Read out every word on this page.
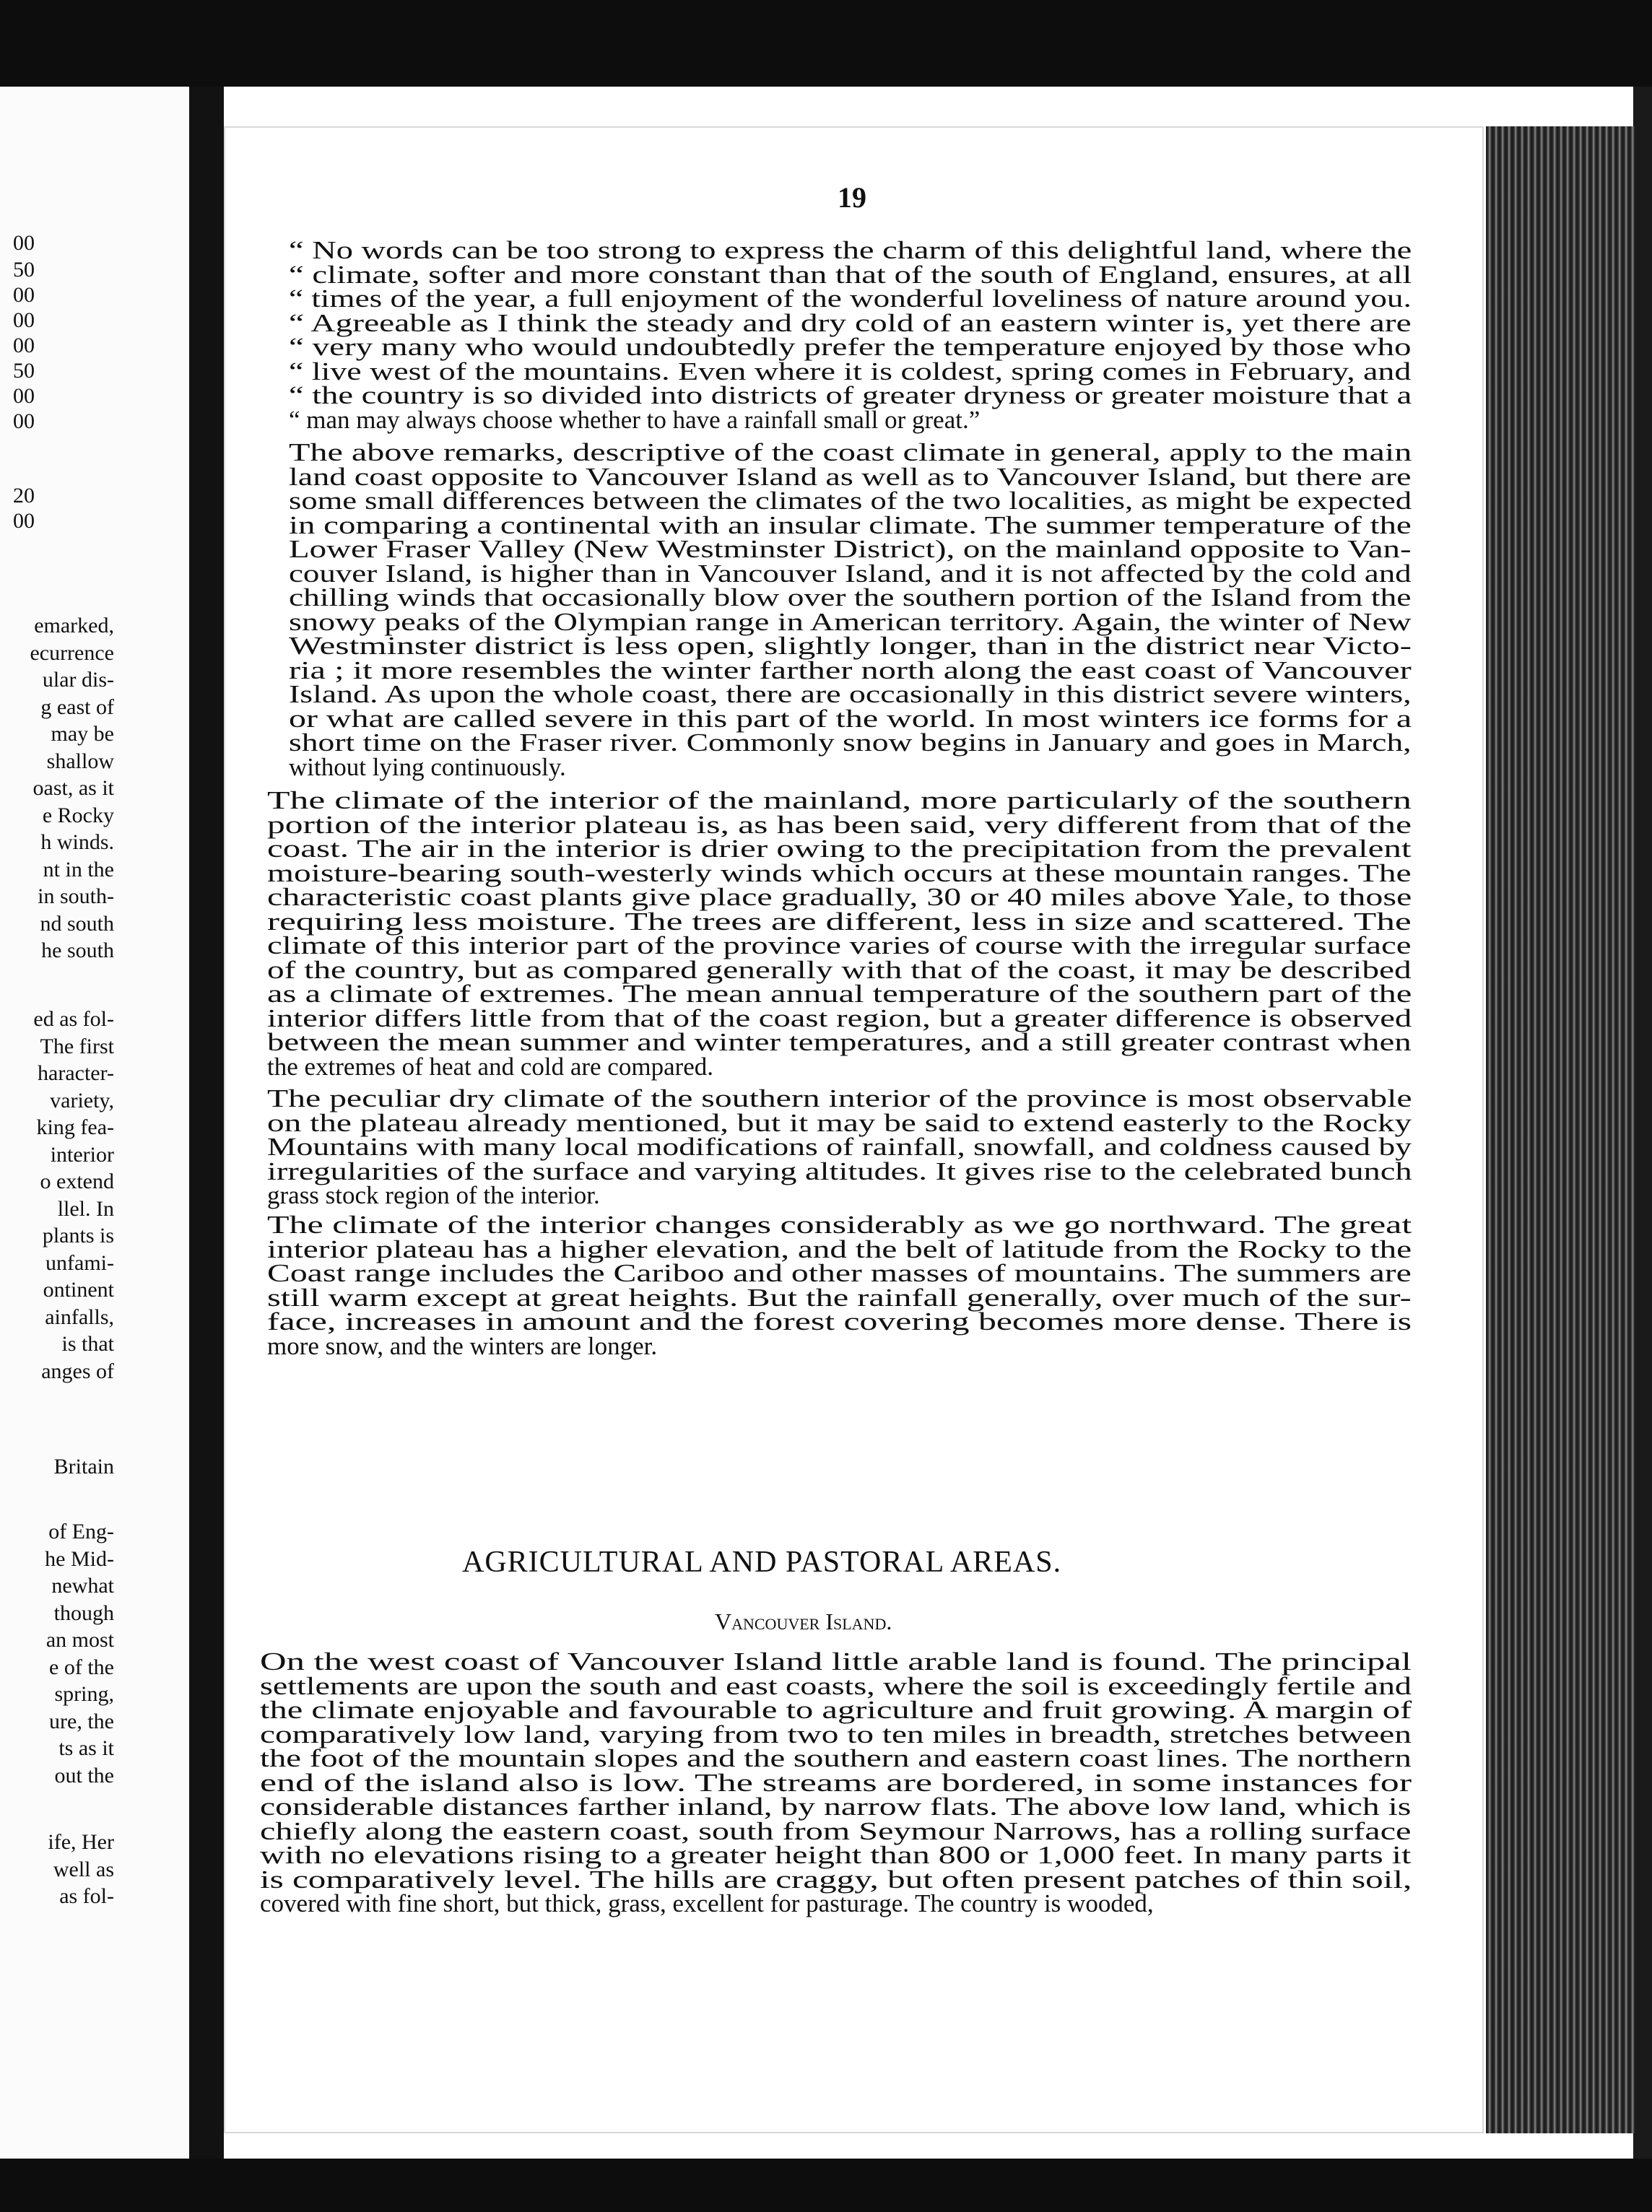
00
50
00
00
00
50
00
00
20
00
emarked,
ecurrence
ular dis-
g east of
may be
shallow
oast, as it
e Rocky
h winds.
nt in the
in south-
nd south
he south
ed as fol-
The first
haracter-
variety,
king fea-
interior
o extend
llel. In
plants is
unfami-
ontinent
ainfalls,
is that
anges of
Britain
of Eng-
he Mid-
newhat
though
an most
e of the
spring,
ure, the
ts as it
out the
ife, Her
well as
as fol-
19
“ No words can be too strong to express the charm of this delightful land, where the
“ climate, softer and more constant than that of the south of England, ensures, at all
“ times of the year, a full enjoyment of the wonderful loveliness of nature around you.
“ Agreeable as I think the steady and dry cold of an eastern winter is, yet there are
“ very many who would undoubtedly prefer the temperature enjoyed by those who
“ live west of the mountains. Even where it is coldest, spring comes in February, and
“ the country is so divided into districts of greater dryness or greater moisture that a
“ man may always choose whether to have a rainfall small or great.”
The above remarks, descriptive of the coast climate in general, apply to the main
land coast opposite to Vancouver Island as well as to Vancouver Island, but there are
some small differences between the climates of the two localities, as might be expected
in comparing a continental with an insular climate. The summer temperature of the
Lower Fraser Valley (New Westminster District), on the mainland opposite to Van-
couver Island, is higher than in Vancouver Island, and it is not affected by the cold and
chilling winds that occasionally blow over the southern portion of the Island from the
snowy peaks of the Olympian range in American territory. Again, the winter of New
Westminster district is less open, slightly longer, than in the district near Victo-
ria ; it more resembles the winter farther north along the east coast of Vancouver
Island. As upon the whole coast, there are occasionally in this district severe winters,
or what are called severe in this part of the world. In most winters ice forms for a
short time on the Fraser river. Commonly snow begins in January and goes in March,
without lying continuously.
The climate of the interior of the mainland, more particularly of the southern
portion of the interior plateau is, as has been said, very different from that of the
coast. The air in the interior is drier owing to the precipitation from the prevalent
moisture-bearing south-westerly winds which occurs at these mountain ranges. The
characteristic coast plants give place gradually, 30 or 40 miles above Yale, to those
requiring less moisture. The trees are different, less in size and scattered. The
climate of this interior part of the province varies of course with the irregular surface
of the country, but as compared generally with that of the coast, it may be described
as a climate of extremes. The mean annual temperature of the southern part of the
interior differs little from that of the coast region, but a greater difference is observed
between the mean summer and winter temperatures, and a still greater contrast when
the extremes of heat and cold are compared.
The peculiar dry climate of the southern interior of the province is most observable
on the plateau already mentioned, but it may be said to extend easterly to the Rocky
Mountains with many local modifications of rainfall, snowfall, and coldness caused by
irregularities of the surface and varying altitudes. It gives rise to the celebrated bunch
grass stock region of the interior.
The climate of the interior changes considerably as we go northward. The great
interior plateau has a higher elevation, and the belt of latitude from the Rocky to the
Coast range includes the Cariboo and other masses of mountains. The summers are
still warm except at great heights. But the rainfall generally, over much of the sur-
face, increases in amount and the forest covering becomes more dense. There is
more snow, and the winters are longer.
AGRICULTURAL AND PASTORAL AREAS.
Vancouver Island.
On the west coast of Vancouver Island little arable land is found. The principal
settlements are upon the south and east coasts, where the soil is exceedingly fertile and
the climate enjoyable and favourable to agriculture and fruit growing. A margin of
comparatively low land, varying from two to ten miles in breadth, stretches between
the foot of the mountain slopes and the southern and eastern coast lines. The northern
end of the island also is low. The streams are bordered, in some instances for
considerable distances farther inland, by narrow flats. The above low land, which is
chiefly along the eastern coast, south from Seymour Narrows, has a rolling surface
with no elevations rising to a greater height than 800 or 1,000 feet. In many parts it
is comparatively level. The hills are craggy, but often present patches of thin soil,
covered with fine short, but thick, grass, excellent for pasturage. The country is wooded,
